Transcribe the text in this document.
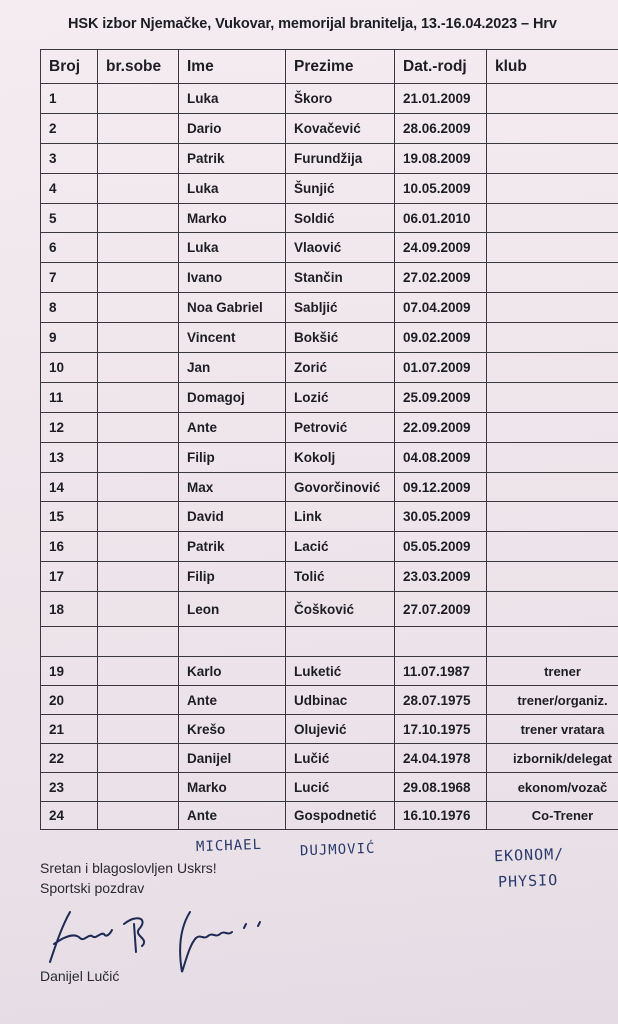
HSK izbor Njemačke, Vukovar, memorijal branitelja, 13.-16.04.2023 – Hrv
Broj	br.sobe	Ime	Prezime	Dat.-rodj	klub
1		Luka	Škoro	21.01.2009	
2		Dario	Kovačević	28.06.2009	
3		Patrik	Furundžija	19.08.2009	
4		Luka	Šunjić	10.05.2009	
5		Marko	Soldić	06.01.2010	
6		Luka	Vlaović	24.09.2009	
7		Ivano	Stančin	27.02.2009	
8		Noa Gabriel	Sabljić	07.04.2009	
9		Vincent	Bokšić	09.02.2009	
10		Jan	Zorić	01.07.2009	
11		Domagoj	Lozić	25.09.2009	
12		Ante	Petrović	22.09.2009	
13		Filip	Kokolj	04.08.2009	
14		Max	Govorčinović	09.12.2009	
15		David	Link	30.05.2009	
16		Patrik	Lacić	05.05.2009	
17		Filip	Tolić	23.03.2009	
18		Leon	Čošković	27.07.2009	

19		Karlo	Luketić	11.07.1987	trener
20		Ante	Udbinac	28.07.1975	trener/organiz.
21		Krešo	Olujević	17.10.1975	trener vratara
22		Danijel	Lučić	24.04.1978	izbornik/delegat
23		Marko	Lucić	29.08.1968	ekonom/vozač
24		Ante	Gospodnetić	16.10.1976	Co-Trener
MICHAEL	DUJMOVIĆ	EKONOM/
PHYSIO
Sretan i blagoslovljen Uskrs!
Sportski pozdrav
Danijel Lučić
